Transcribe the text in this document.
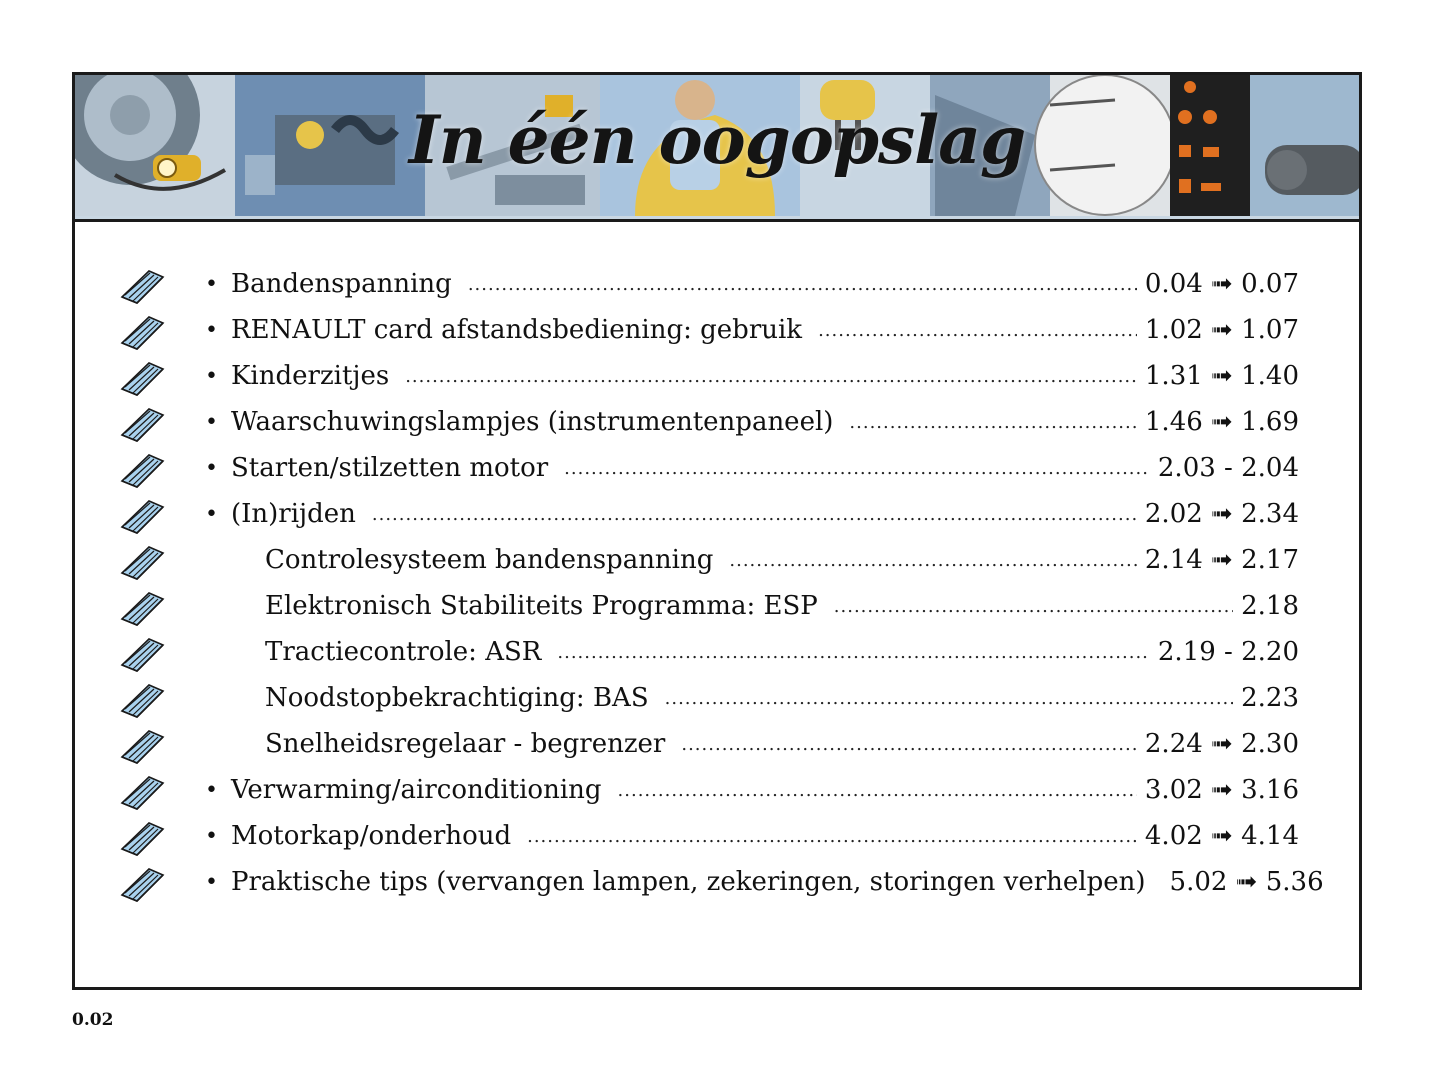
In één oogopslag
• Bandenspanning .....	0.04 ➟ 0.07
• RENAULT card afstandsbediening: gebruik .....	1.02 ➟ 1.07
• Kinderzitjes .....	1.31 ➟ 1.40
• Waarschuwingslampjes (instrumentenpaneel) .....	1.46 ➟ 1.69
• Starten/stilzetten motor .....	2.03 - 2.04
• (In)rijden .....	2.02 ➟ 2.34
Controlesysteem bandenspanning .....	2.14 ➟ 2.17
Elektronisch Stabiliteits Programma: ESP .....	2.18
Tractiecontrole: ASR .....	2.19 - 2.20
Noodstopbekrachtiging: BAS .....	2.23
Snelheidsregelaar - begrenzer .....	2.24 ➟ 2.30
• Verwarming/airconditioning .....	3.02 ➟ 3.16
• Motorkap/onderhoud .....	4.02 ➟ 4.14
• Praktische tips (vervangen lampen, zekeringen, storingen verhelpen) 5.02 ➟ 5.36
0.02
